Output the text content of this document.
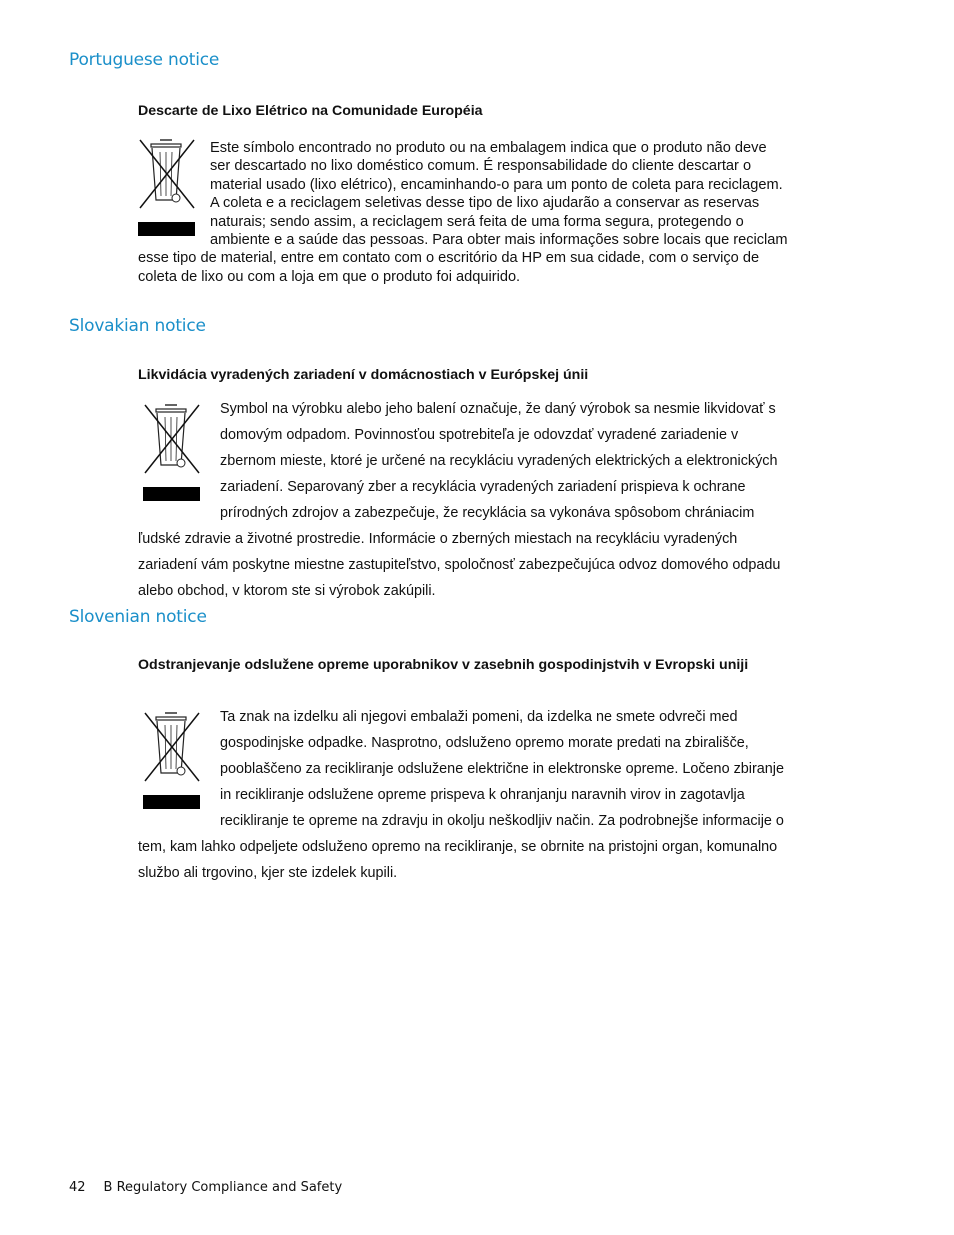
Portuguese notice
Descarte de Lixo Elétrico na Comunidade Européia

Este símbolo encontrado no produto ou na embalagem indica que o produto não deve ser descartado no lixo doméstico comum. É responsabilidade do cliente descartar o material usado (lixo elétrico), encaminhando-o para um ponto de coleta para reciclagem. A coleta e a reciclagem seletivas desse tipo de lixo ajudarão a conservar as reservas naturais; sendo assim, a reciclagem será feita de uma forma segura, protegendo o ambiente e a saúde das pessoas. Para obter mais informações sobre locais que reciclam esse tipo de material, entre em contato com o escritório da HP em sua cidade, com o serviço de coleta de lixo ou com a loja em que o produto foi adquirido.

Slovakian notice
Likvidácia vyradených zariadení v domácnostiach v Európskej únii

Symbol na výrobku alebo jeho balení označuje, že daný výrobok sa nesmie likvidovať s domovým odpadom. Povinnosťou spotrebiteľa je odovzdať vyradené zariadenie v zbernom mieste, ktoré je určené na recykláciu vyradených elektrických a elektronických zariadení. Separovaný zber a recyklácia vyradených zariadení prispieva k ochrane prírodných zdrojov a zabezpečuje, že recyklácia sa vykonáva spôsobom chrániacim ľudské zdravie a životné prostredie. Informácie o zberných miestach na recykláciu vyradených zariadení vám poskytne miestne zastupiteľstvo, spoločnosť zabezpečujúca odvoz domového odpadu alebo obchod, v ktorom ste si výrobok zakúpili.

Slovenian notice
Odstranjevanje odslužene opreme uporabnikov v zasebnih gospodinjstvih v Evropski uniji

Ta znak na izdelku ali njegovi embalaži pomeni, da izdelka ne smete odvreči med gospodinjske odpadke. Nasprotno, odsluženo opremo morate predati na zbirališče, pooblaščeno za recikliranje odslužene električne in elektronske opreme. Ločeno zbiranje in recikliranje odslužene opreme prispeva k ohranjanju naravnih virov in zagotavlja recikliranje te opreme na zdravju in okolju neškodljiv način. Za podrobnejše informacije o tem, kam lahko odpeljete odsluženo opremo na recikliranje, se obrnite na pristojni organ, komunalno službo ali trgovino, kjer ste izdelek kupili.

42 B Regulatory Compliance and Safety
